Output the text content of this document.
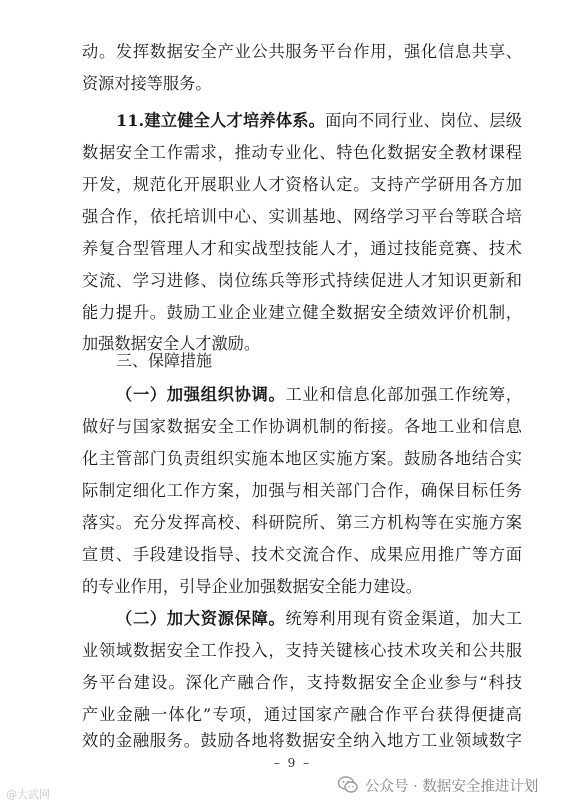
动。发挥数据安全产业公共服务平台作用，强化信息共享、
资源对接等服务。
11.建立健全人才培养体系。面向不同行业、岗位、层级
数据安全工作需求，推动专业化、特色化数据安全教材课程
开发，规范化开展职业人才资格认定。支持产学研用各方加
强合作，依托培训中心、实训基地、网络学习平台等联合培
养复合型管理人才和实战型技能人才，通过技能竞赛、技术
交流、学习进修、岗位练兵等形式持续促进人才知识更新和
能力提升。鼓励工业企业建立健全数据安全绩效评价机制，
加强数据安全人才激励。
三、保障措施
（一）加强组织协调。工业和信息化部加强工作统筹，
做好与国家数据安全工作协调机制的衔接。各地工业和信息
化主管部门负责组织实施本地区实施方案。鼓励各地结合实
际制定细化工作方案，加强与相关部门合作，确保目标任务
落实。充分发挥高校、科研院所、第三方机构等在实施方案
宣贯、手段建设指导、技术交流合作、成果应用推广等方面
的专业作用，引导企业加强数据安全能力建设。
（二）加大资源保障。统筹利用现有资金渠道，加大工
业领域数据安全工作投入，支持关键核心技术攻关和公共服
务平台建设。深化产融合作，支持数据安全企业参与“科技
产业金融一体化”专项，通过国家产融合作平台获得便捷高
效的金融服务。鼓励各地将数据安全纳入地方工业领域数字
– 9 –
@大武网	公众号 · 数据安全推进计划
